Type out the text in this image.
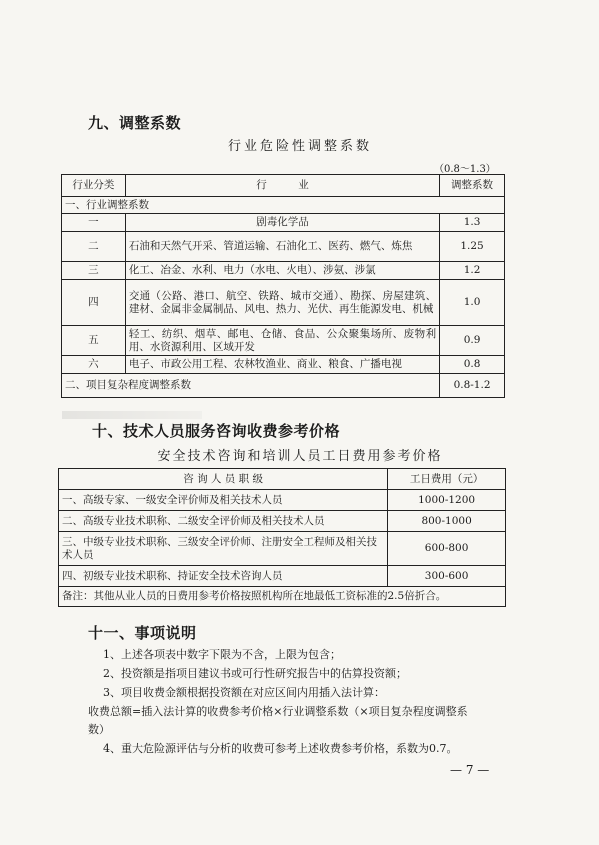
九、调整系数
行业危险性调整系数
（0.8～1.3）
行业分类	行　　　业	调整系数
一、行业调整系数		
一	剧毒化学品	1.3
二	石油和天然气开采、管道运输、石油化工、医药、燃气、炼焦	1.25
三	化工、冶金、水利、电力（水电、火电）、涉氨、涉氯	1.2
四	交通（公路、港口、航空、铁路、城市交通）、勘探、房屋建筑、建材、金属非金属制品、风电、热力、光伏、再生能源发电、机械	1.0
五	轻工、纺织、烟草、邮电、仓储、食品、公众聚集场所、废物利用、水资源利用、区域开发	0.9
六	电子、市政公用工程、农林牧渔业、商业、粮食、广播电视	0.8
二、项目复杂程度调整系数		0.8-1.2
十、技术人员服务咨询收费参考价格
安全技术咨询和培训人员工日费用参考价格
咨 询 人 员 职 级	工日费用（元）
一、高级专家、一级安全评价师及相关技术人员	1000-1200
二、高级专业技术职称、二级安全评价师及相关技术人员	800-1000
三、中级专业技术职称、三级安全评价师、注册安全工程师及相关技术人员	600-800
四、初级专业技术职称、持证安全技术咨询人员	300-600
备注：其他从业人员的日费用参考价格按照机构所在地最低工资标准的2.5倍折合。	
十一、事项说明
1、上述各项表中数字下限为不含，上限为包含；
2、投资额是指项目建议书或可行性研究报告中的估算投资额；
3、项目收费金额根据投资额在对应区间内用插入法计算：
收费总额=插入法计算的收费参考价格×行业调整系数（×项目复杂程度调整系
数）
4、重大危险源评估与分析的收费可参考上述收费参考价格，系数为0.7。
— 7 —
